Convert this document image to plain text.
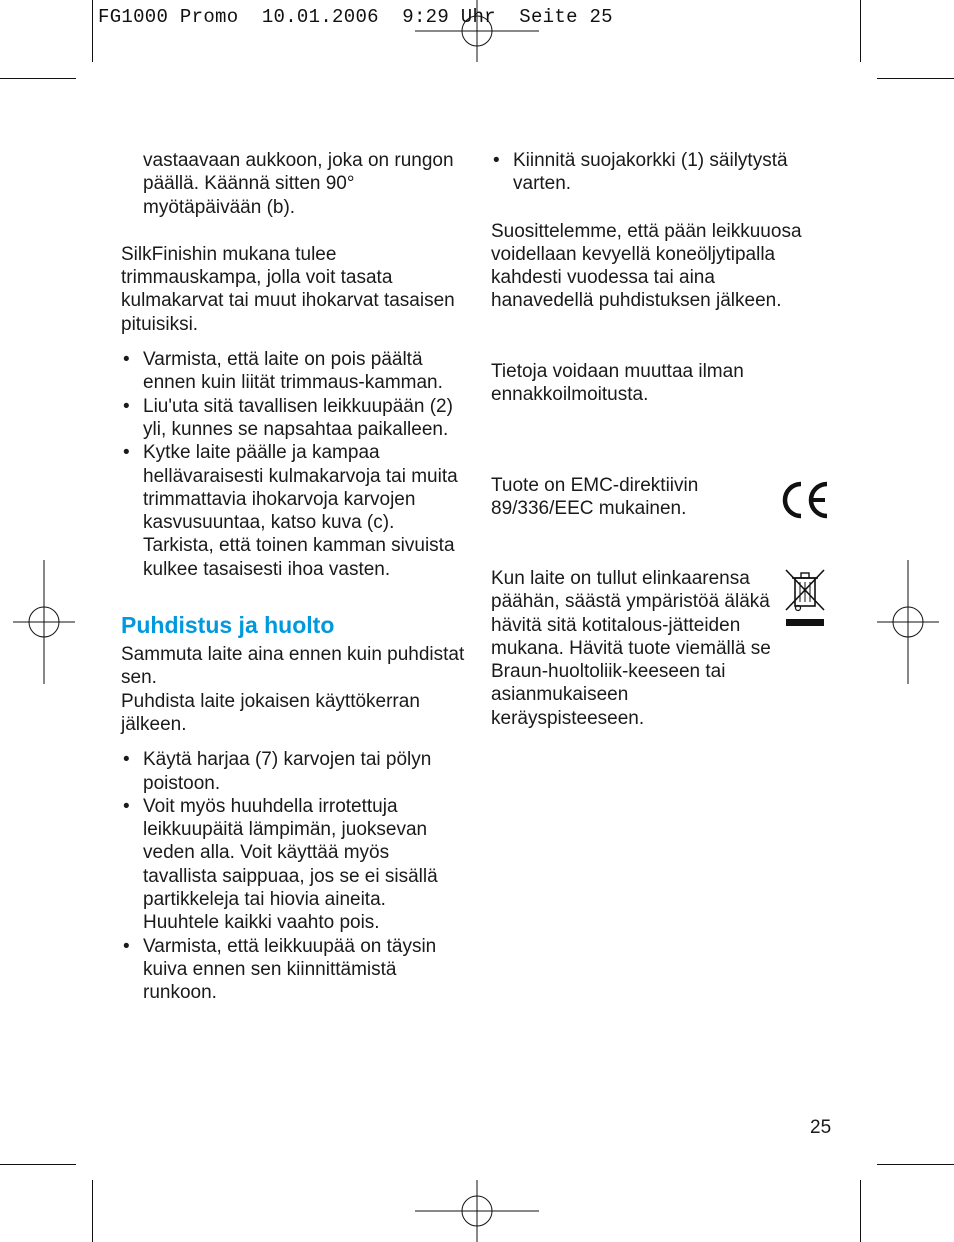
FG1000 Promo  10.01.2006  9:29 Uhr  Seite 25

vastaavaan aukkoon, joka on rungon päällä. Käännä sitten 90° myötäpäivään (b).

SilkFinishin mukana tulee trimmauskampa, jolla voit tasata kulmakarvat tai muut ihokarvat tasaisen pituisiksi.

• Varmista, että laite on pois päältä ennen kuin liität trimmaus-kamman.
• Liu'uta sitä tavallisen leikkuupään (2) yli, kunnes se napsahtaa paikalleen.
• Kytke laite päälle ja kampaa hellävaraisesti kulmakarvoja tai muita trimmattavia ihokarvoja karvojen kasvusuuntaa, katso kuva (c). Tarkista, että toinen kamman sivuista kulkee tasaisesti ihoa vasten.

Puhdistus ja huolto

Sammuta laite aina ennen kuin puhdistat sen.

Puhdista laite jokaisen käyttökerran jälkeen.

• Käytä harjaa (7) karvojen tai pölyn poistoon.
• Voit myös huuhdella irrotettuja leikkuupäitä lämpimän, juoksevan veden alla. Voit käyttää myös tavallista saippuaa, jos se ei sisällä partikkeleja tai hiovia aineita. Huuhtele kaikki vaahto pois.
• Varmista, että leikkuupää on täysin kuiva ennen sen kiinnittämistä runkoon.
• Kiinnitä suojakorkki (1) säilytystä varten.

Suosittelemme, että pään leikkuuosa voidellaan kevyellä koneöljytipalla kahdesti vuodessa tai aina hanavedellä puhdistuksen jälkeen.

Tietoja voidaan muuttaa ilman ennakkoilmoitusta.

Tuote on EMC-direktiivin 89/336/EEC mukainen.

Kun laite on tullut elinkaarensa päähän, säästä ympäristöä äläkä hävitä sitä kotitalous-jätteiden mukana. Hävitä tuote viemällä se Braun-huoltoliik-keeseen tai asianmukaiseen keräyspisteeseen.

25
